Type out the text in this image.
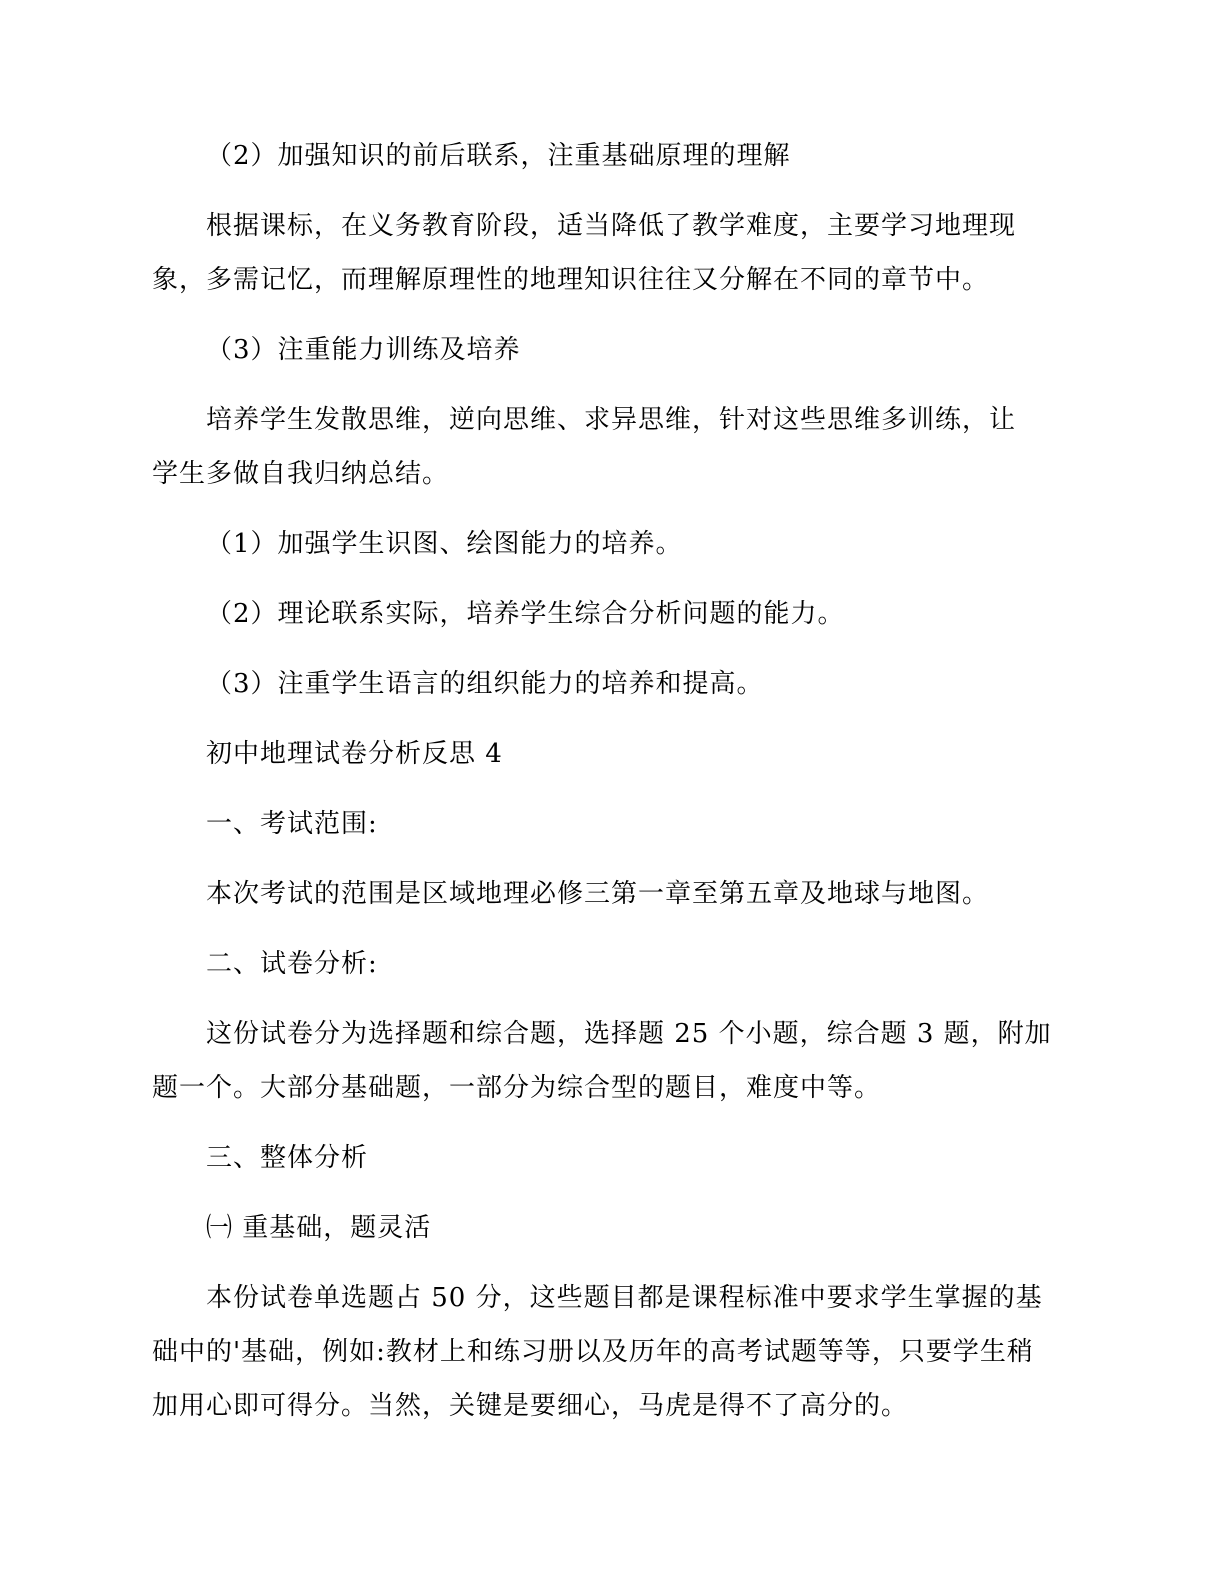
（2）加强知识的前后联系，注重基础原理的理解
根据课标，在义务教育阶段，适当降低了教学难度，主要学习地理现
象，多需记忆，而理解原理性的地理知识往往又分解在不同的章节中。
（3）注重能力训练及培养
培养学生发散思维，逆向思维、求异思维，针对这些思维多训练，让
学生多做自我归纳总结。
（1）加强学生识图、绘图能力的培养。
（2）理论联系实际，培养学生综合分析问题的能力。
（3）注重学生语言的组织能力的培养和提高。
初中地理试卷分析反思 4
一、考试范围:
本次考试的范围是区域地理必修三第一章至第五章及地球与地图。
二、试卷分析:
这份试卷分为选择题和综合题，选择题 25 个小题，综合题 3 题，附加
题一个。大部分基础题，一部分为综合型的题目，难度中等。
三、整体分析
㈠ 重基础，题灵活
本份试卷单选题占 50 分，这些题目都是课程标准中要求学生掌握的基
础中的'基础，例如:教材上和练习册以及历年的高考试题等等，只要学生稍
加用心即可得分。当然，关键是要细心，马虎是得不了高分的。
